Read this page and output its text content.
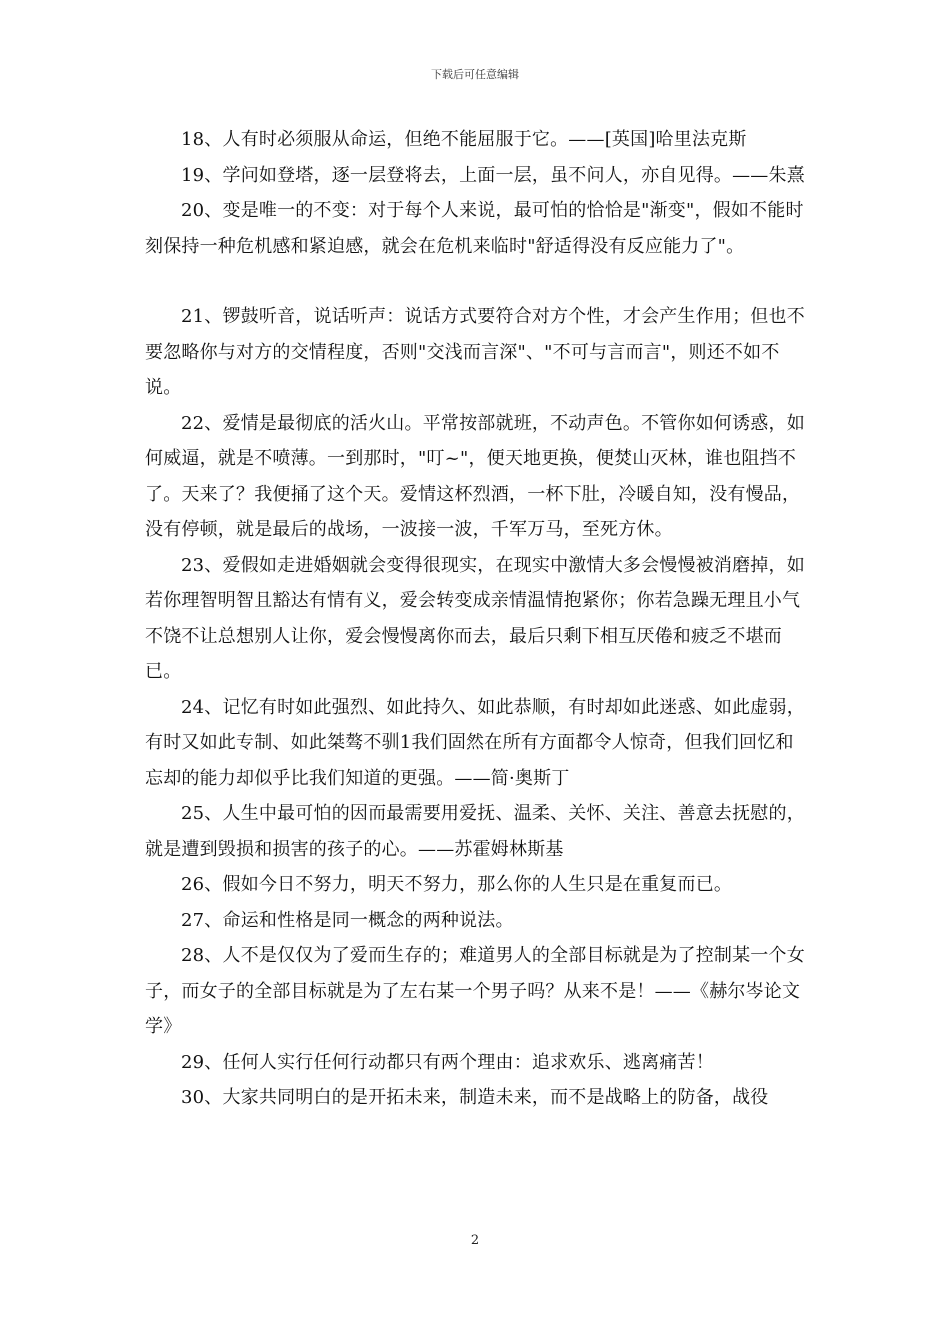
下载后可任意编辑

18、人有时必须服从命运，但绝不能屈服于它。——[英国]哈里法克斯

19、学问如登塔，逐一层登将去，上面一层，虽不问人，亦自见得。——朱熹

20、变是唯一的不变：对于每个人来说，最可怕的恰恰是"渐变"，假如不能时刻保持一种危机感和紧迫感，就会在危机来临时"舒适得没有反应能力了"。

21、锣鼓听音，说话听声：说话方式要符合对方个性，才会产生作用；但也不要忽略你与对方的交情程度，否则"交浅而言深"、"不可与言而言"，则还不如不说。

22、爱情是最彻底的活火山。平常按部就班，不动声色。不管你如何诱惑，如何威逼，就是不喷薄。一到那时，"叮~"，便天地更换，便焚山灭林，谁也阻挡不了。天来了？我便捅了这个天。爱情这杯烈酒，一杯下肚，冷暖自知，没有慢品，没有停顿，就是最后的战场，一波接一波，千军万马，至死方休。

23、爱假如走进婚姻就会变得很现实，在现实中激情大多会慢慢被消磨掉，如若你理智明智且豁达有情有义，爱会转变成亲情温情抱紧你；你若急躁无理且小气不饶不让总想别人让你，爱会慢慢离你而去，最后只剩下相互厌倦和疲乏不堪而已。

24、记忆有时如此强烈、如此持久、如此恭顺，有时却如此迷惑、如此虚弱，有时又如此专制、如此桀骜不驯1我们固然在所有方面都令人惊奇，但我们回忆和忘却的能力却似乎比我们知道的更强。——简·奥斯丁

25、人生中最可怕的因而最需要用爱抚、温柔、关怀、关注、善意去抚慰的，就是遭到毁损和损害的孩子的心。——苏霍姆林斯基

26、假如今日不努力，明天不努力，那么你的人生只是在重复而已。

27、命运和性格是同一概念的两种说法。

28、人不是仅仅为了爱而生存的；难道男人的全部目标就是为了控制某一个女子，而女子的全部目标就是为了左右某一个男子吗？从来不是！——《赫尔岑论文学》

29、任何人实行任何行动都只有两个理由：追求欢乐、逃离痛苦！

30、大家共同明白的是开拓未来，制造未来，而不是战略上的防备，战役

2
